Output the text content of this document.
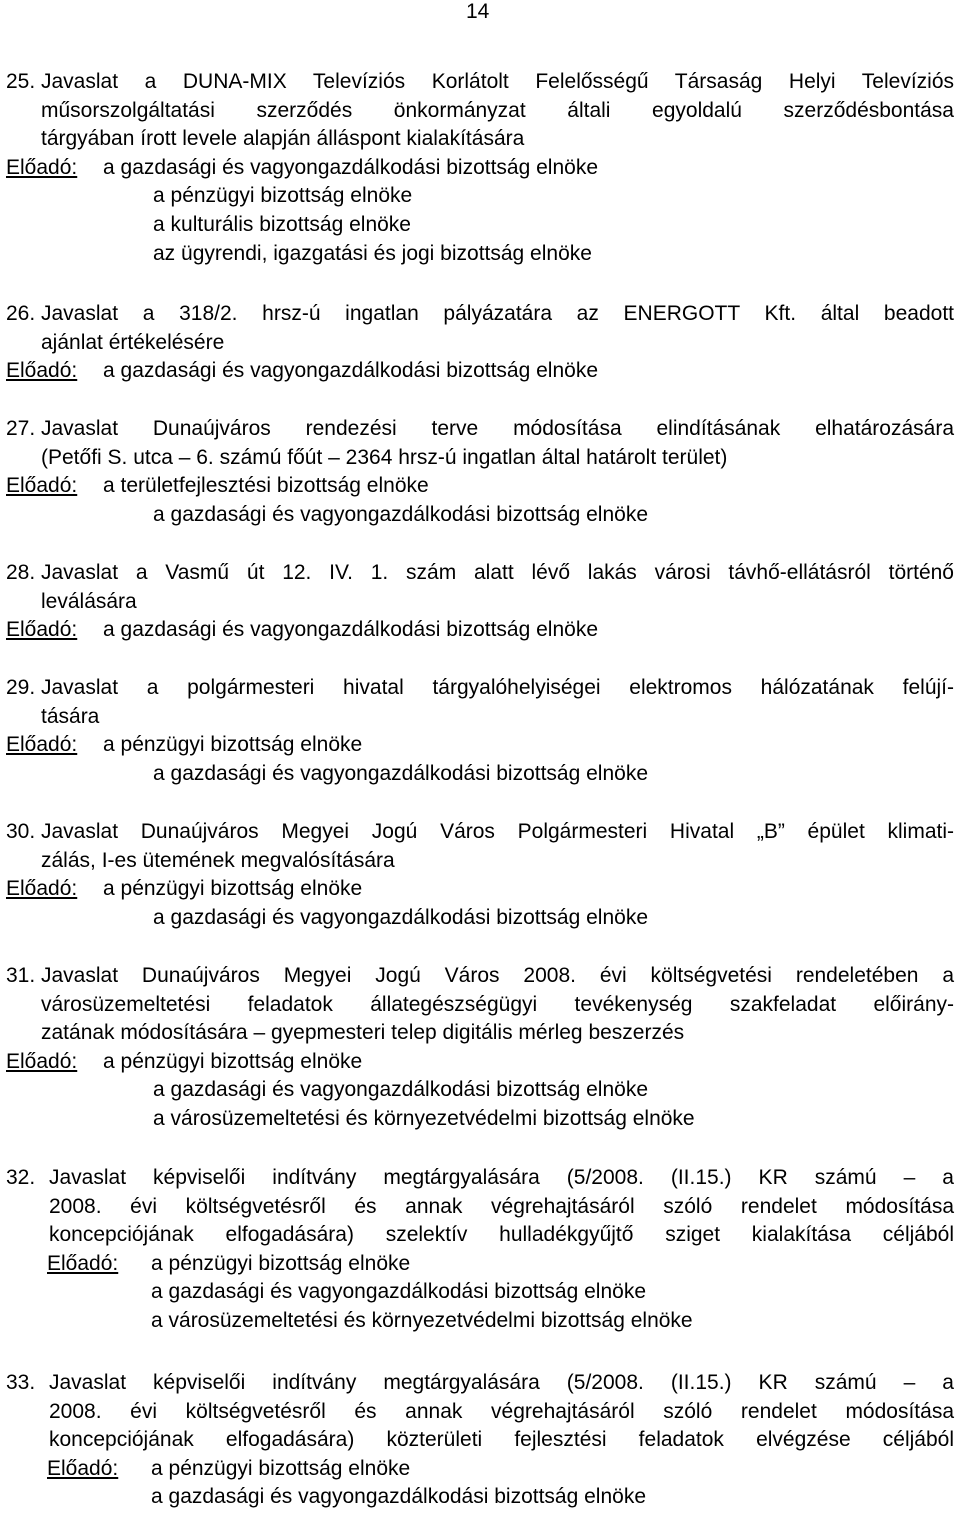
14
25. Javaslat a DUNA-MIX Televíziós Korlátolt Felelősségű Társaság Helyi Televíziós
műsorszolgáltatási szerződés önkormányzat általi egyoldalú szerződésbontása
tárgyában írott levele alapján álláspont kialakítására
Előadó: a gazdasági és vagyongazdálkodási bizottság elnöke
a pénzügyi bizottság elnöke
a kulturális bizottság elnöke
az ügyrendi, igazgatási és jogi bizottság elnöke
26. Javaslat a 318/2. hrsz-ú ingatlan pályázatára az ENERGOTT Kft. által beadott
ajánlat értékelésére
Előadó: a gazdasági és vagyongazdálkodási bizottság elnöke
27. Javaslat Dunaújváros rendezési terve módosítása elindításának elhatározására
(Petőfi S. utca – 6. számú főút – 2364 hrsz-ú ingatlan által határolt terület)
Előadó: a területfejlesztési bizottság elnöke
a gazdasági és vagyongazdálkodási bizottság elnöke
28. Javaslat a Vasmű út 12. IV. 1. szám alatt lévő lakás városi távhő-ellátásról történő
leválására
Előadó: a gazdasági és vagyongazdálkodási bizottság elnöke
29. Javaslat a polgármesteri hivatal tárgyalóhelyiségei elektromos hálózatának felújí-
tására
Előadó: a pénzügyi bizottság elnöke
a gazdasági és vagyongazdálkodási bizottság elnöke
30. Javaslat Dunaújváros Megyei Jogú Város Polgármesteri Hivatal „B” épület klimati-
zálás, I-es ütemének megvalósítására
Előadó: a pénzügyi bizottság elnöke
a gazdasági és vagyongazdálkodási bizottság elnöke
31. Javaslat Dunaújváros Megyei Jogú Város 2008. évi költségvetési rendeletében a
városüzemeltetési feladatok állategészségügyi tevékenység szakfeladat előirány-
zatának módosítására – gyepmesteri telep digitális mérleg beszerzés
Előadó: a pénzügyi bizottság elnöke
a gazdasági és vagyongazdálkodási bizottság elnöke
a városüzemeltetési és környezetvédelmi bizottság elnöke
32. Javaslat képviselői indítvány megtárgyalására (5/2008. (II.15.) KR számú – a
2008. évi költségvetésről és annak végrehajtásáról szóló rendelet módosítása
koncepciójának elfogadására) szelektív hulladékgyűjtő sziget kialakítása céljából
Előadó: a pénzügyi bizottság elnöke
a gazdasági és vagyongazdálkodási bizottság elnöke
a városüzemeltetési és környezetvédelmi bizottság elnöke
33. Javaslat képviselői indítvány megtárgyalására (5/2008. (II.15.) KR számú – a
2008. évi költségvetésről és annak végrehajtásáról szóló rendelet módosítása
koncepciójának elfogadására) közterületi fejlesztési feladatok elvégzése céljából
Előadó: a pénzügyi bizottság elnöke
a gazdasági és vagyongazdálkodási bizottság elnöke
